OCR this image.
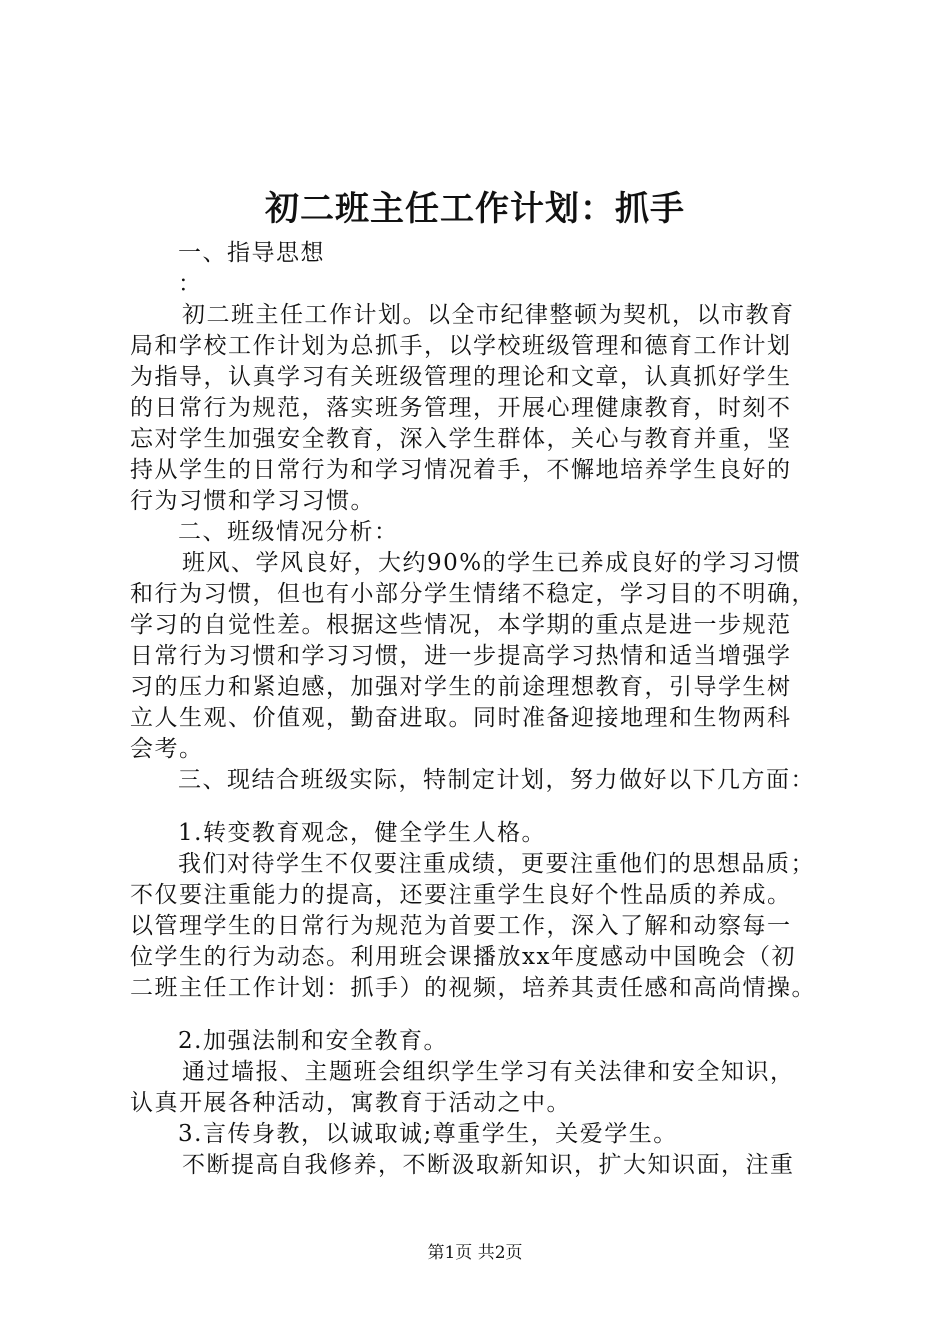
初二班主任工作计划：抓手
一、指导思想
：
初二班主任工作计划。以全市纪律整顿为契机，以市教育
局和学校工作计划为总抓手，以学校班级管理和德育工作计划
为指导，认真学习有关班级管理的理论和文章，认真抓好学生
的日常行为规范，落实班务管理，开展心理健康教育，时刻不
忘对学生加强安全教育，深入学生群体，关心与教育并重，坚
持从学生的日常行为和学习情况着手，不懈地培养学生良好的
行为习惯和学习习惯。
二、班级情况分析：
班风、学风良好，大约90%的学生已养成良好的学习习惯
和行为习惯，但也有小部分学生情绪不稳定，学习目的不明确，
学习的自觉性差。根据这些情况，本学期的重点是进一步规范
日常行为习惯和学习习惯，进一步提高学习热情和适当增强学
习的压力和紧迫感，加强对学生的前途理想教育，引导学生树
立人生观、价值观，勤奋进取。同时准备迎接地理和生物两科
会考。
三、现结合班级实际，特制定计划，努力做好以下几方面：
1.转变教育观念，健全学生人格。
我们对待学生不仅要注重成绩，更要注重他们的思想品质；
不仅要注重能力的提高，还要注重学生良好个性品质的养成。
以管理学生的日常行为规范为首要工作，深入了解和动察每一
位学生的行为动态。利用班会课播放xx年度感动中国晚会（初
二班主任工作计划：抓手）的视频，培养其责任感和高尚情操。
2.加强法制和安全教育。
通过墙报、主题班会组织学生学习有关法律和安全知识，
认真开展各种活动，寓教育于活动之中。
3.言传身教，以诚取诚;尊重学生，关爱学生。
不断提高自我修养，不断汲取新知识，扩大知识面，注重
第1页 共2页
